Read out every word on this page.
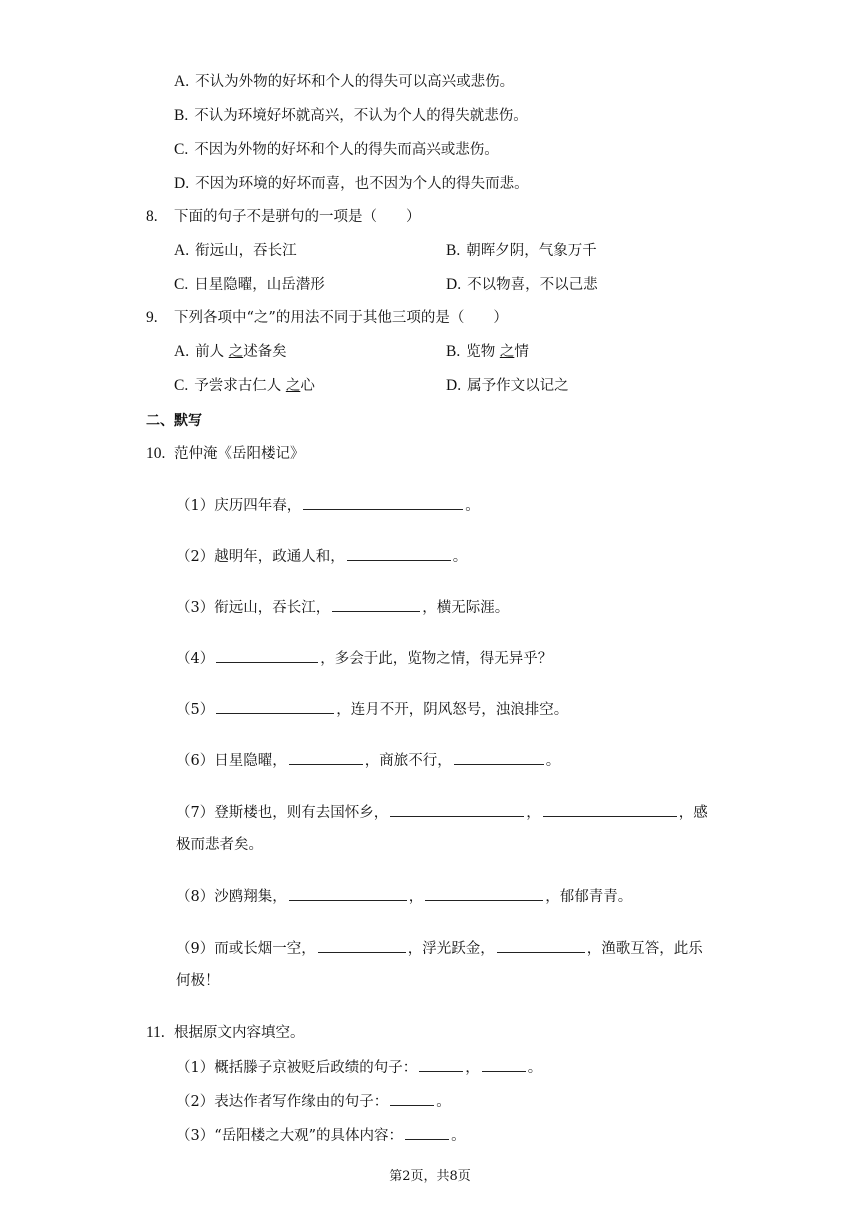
A. 不认为外物的好坏和个人的得失可以高兴或悲伤。
B. 不认为环境好坏就高兴，不认为个人的得失就悲伤。
C. 不因为外物的好坏和个人的得失而高兴或悲伤。
D. 不因为环境的好坏而喜，也不因为个人的得失而悲。
8. 下面的句子不是骈句的一项是（　　）
A. 衔远山，吞长江	B. 朝晖夕阴，气象万千
C. 日星隐曜，山岳潜形	D. 不以物喜，不以己悲
9. 下列各项中“之”的用法不同于其他三项的是（　　）
A. 前人 之述备矣	B. 览物 之情
C. 予尝求古仁人 之心	D. 属予作文以记之
二、默写
10. 范仲淹《岳阳楼记》
（1）庆历四年春，	。
（2）越明年，政通人和，	。
（3）衔远山，吞长江，	，横无际涯。
（4）	，多会于此，览物之情，得无异乎？
（5）	，连月不开，阴风怒号，浊浪排空。
（6）日星隐曜，	，商旅不行，	。
（7）登斯楼也，则有去国怀乡，	，	，感
极而悲者矣。
（8）沙鸥翔集，	，	，郁郁青青。
（9）而或长烟一空，	，浮光跃金，	，渔歌互答，此乐
何极！
11. 根据原文内容填空。
（1）概括滕子京被贬后政绩的句子：	，	。
（2）表达作者写作缘由的句子：	。
（3）“岳阳楼之大观”的具体内容：	。
第2页，共8页
